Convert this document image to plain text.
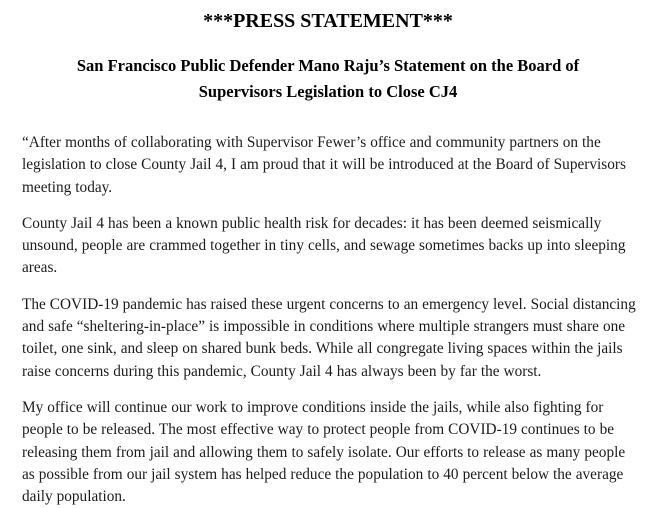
***PRESS STATEMENT***
San Francisco Public Defender Mano Raju’s Statement on the Board of Supervisors Legislation to Close CJ4

“After months of collaborating with Supervisor Fewer’s office and community partners on the legislation to close County Jail 4, I am proud that it will be introduced at the Board of Supervisors meeting today.

County Jail 4 has been a known public health risk for decades: it has been deemed seismically unsound, people are crammed together in tiny cells, and sewage sometimes backs up into sleeping areas.

The COVID-19 pandemic has raised these urgent concerns to an emergency level. Social distancing and safe “sheltering-in-place” is impossible in conditions where multiple strangers must share one toilet, one sink, and sleep on shared bunk beds. While all congregate living spaces within the jails raise concerns during this pandemic, County Jail 4 has always been by far the worst.

My office will continue our work to improve conditions inside the jails, while also fighting for people to be released. The most effective way to protect people from COVID-19 continues to be releasing them from jail and allowing them to safely isolate. Our efforts to release as many people as possible from our jail system has helped reduce the population to 40 percent below the average daily population.
